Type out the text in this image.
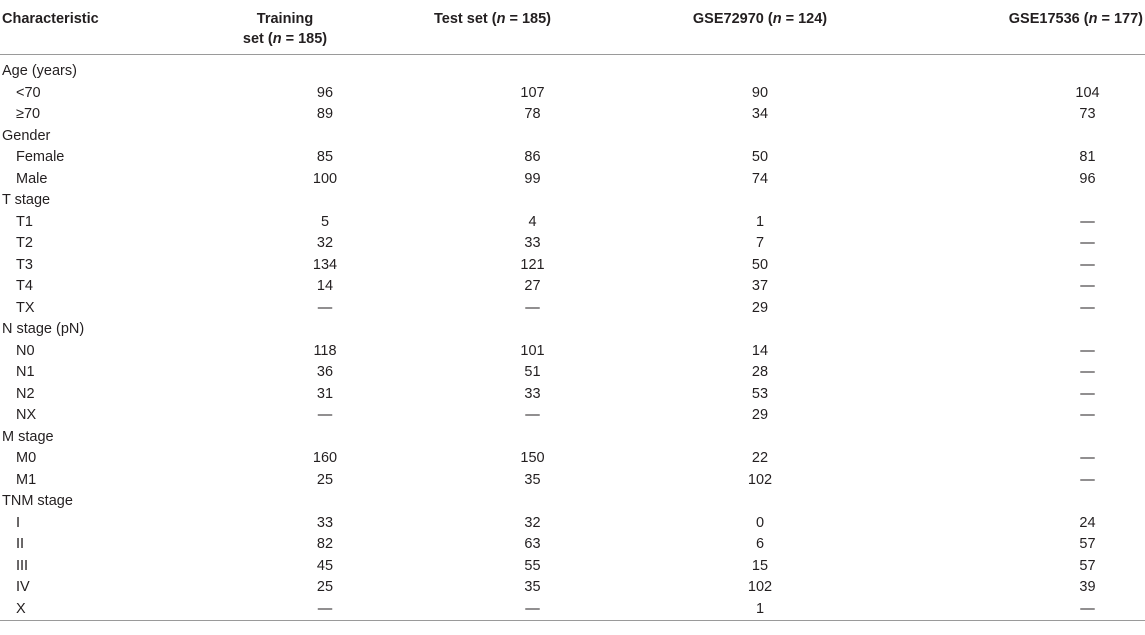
Characteristic	Training
set (n = 185)	Test set (n = 185)	GSE72970 (n = 124)	GSE17536 (n = 177)
Age (years)				
<70	96	107	90	104
≥70	89	78	34	73
Gender				
Female	85	86	50	81
Male	100	99	74	96
T stage				
T1	5	4	1	—
T2	32	33	7	—
T3	134	121	50	—
T4	14	27	37	—
TX	—	—	29	—
N stage (pN)				
N0	118	101	14	—
N1	36	51	28	—
N2	31	33	53	—
NX	—	—	29	—
M stage				
M0	160	150	22	—
M1	25	35	102	—
TNM stage				
I	33	32	0	24
II	82	63	6	57
III	45	55	15	57
IV	25	35	102	39
X	—	—	1	—
